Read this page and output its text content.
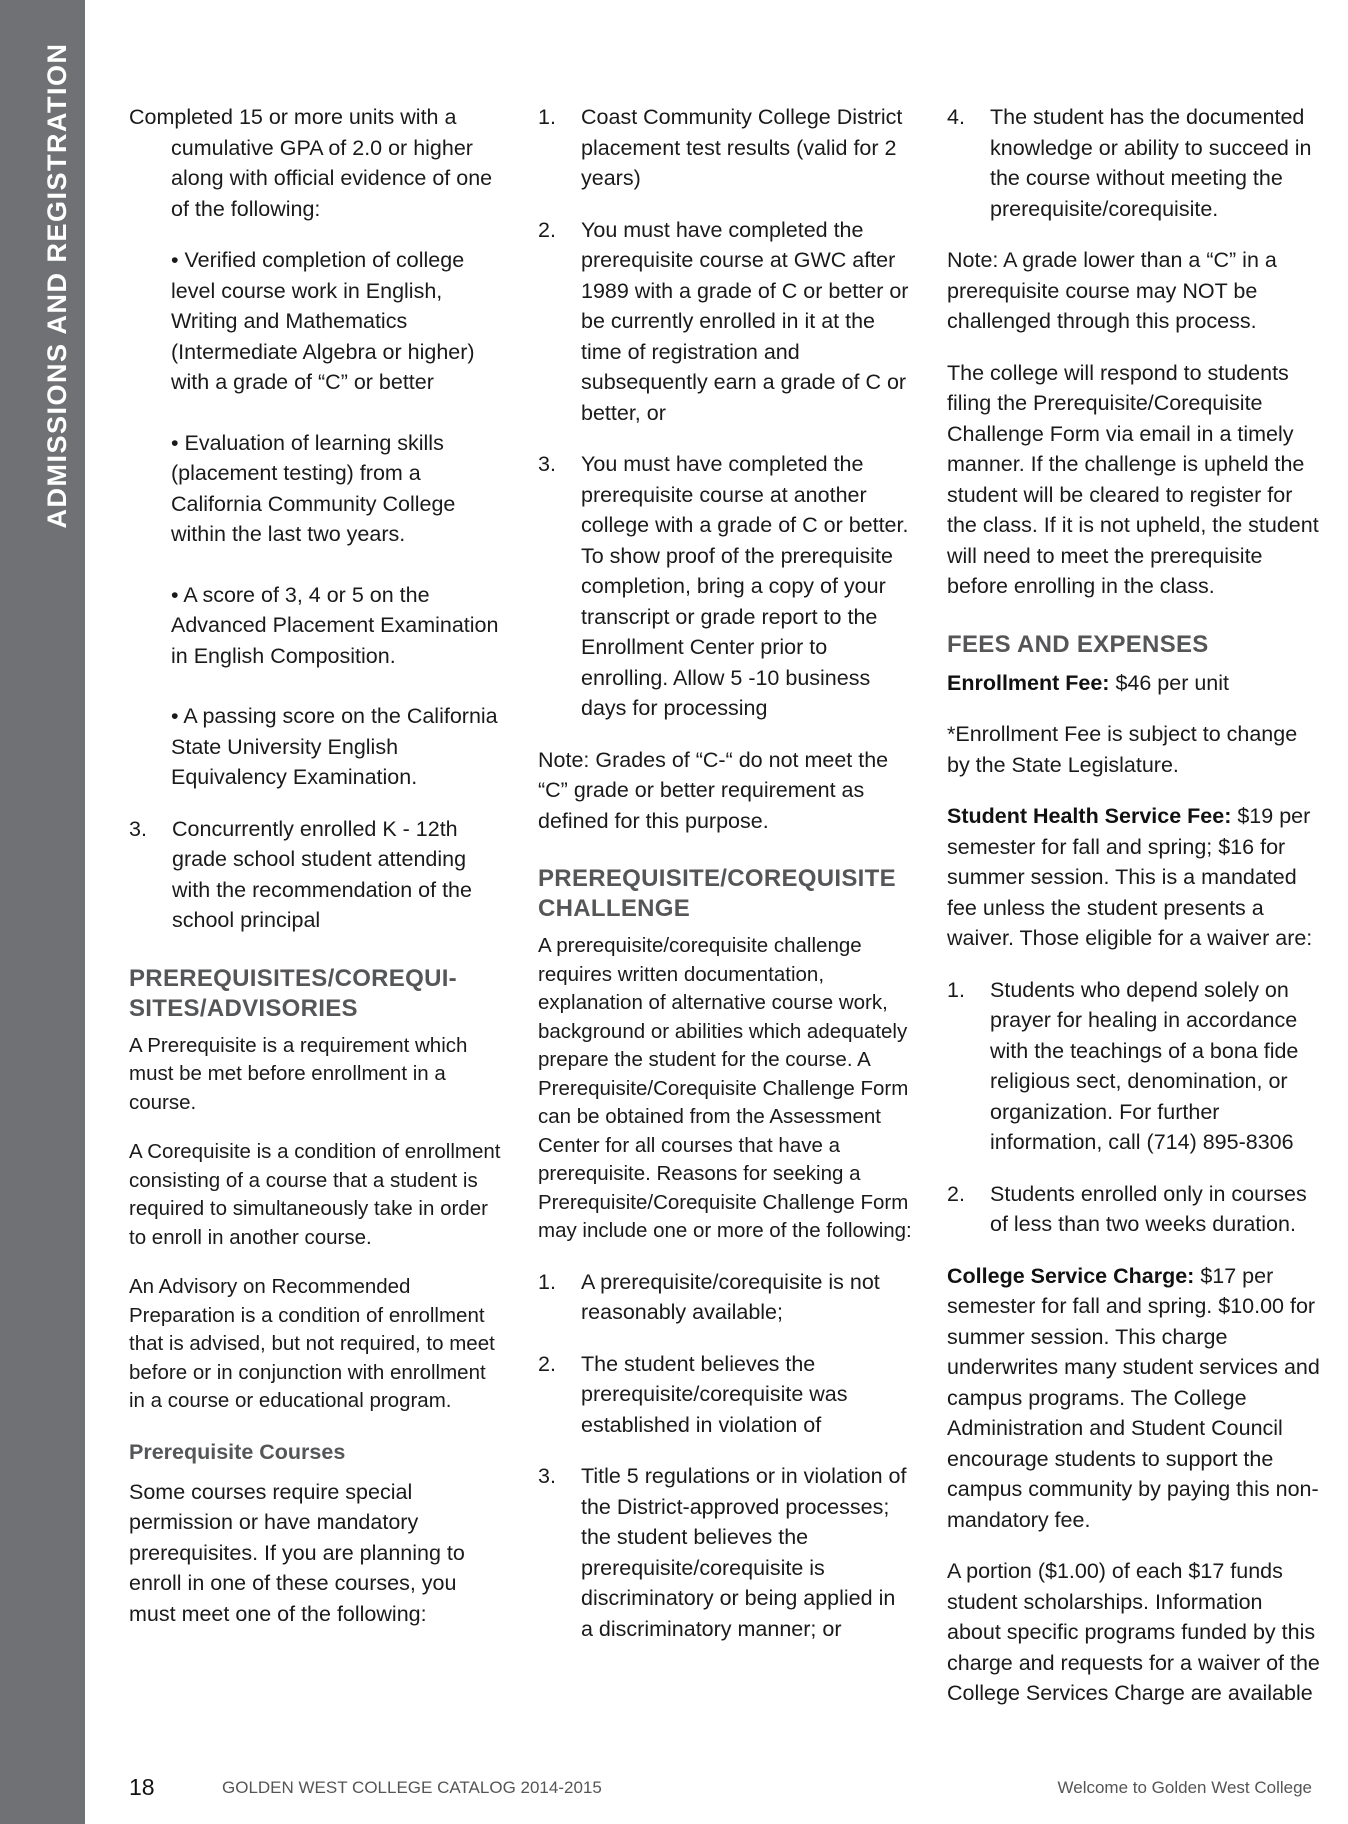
ADMISSIONS AND REGISTRATION	Completed 15 or more units with a cumulative GPA of 2.0 or higher along with official evidence of one of the following:

• Verified completion of college level course work in English, Writing and Mathematics (Intermediate Algebra or higher) with a grade of “C” or better

• Evaluation of learning skills (placement testing) from a California Community College within the last two years.

• A score of 3, 4 or 5 on the Advanced Placement Examination in English Composition.

• A passing score on the California State University English Equivalency Examination.

3. Concurrently enrolled K - 12th grade school student attending with the recommendation of the school principal
PREREQUISITES/COREQUI-SITES/ADVISORIES

A Prerequisite is a requirement which must be met before enrollment in a course.

A Corequisite is a condition of enrollment consisting of a course that a student is required to simultaneously take in order to enroll in another course.

An Advisory on Recommended Preparation is a condition of enrollment that is advised, but not required, to meet before or in conjunction with enrollment in a course or educational program.

Prerequisite Courses

Some courses require special permission or have mandatory prerequisites. If you are planning to enroll in one of these courses, you must meet one of the following:

1. Coast Community College District placement test results (valid for 2 years)
2. You must have completed the prerequisite course at GWC after 1989 with a grade of C or better or be currently enrolled in it at the time of registration and subsequently earn a grade of C or better, or
3. You must have completed the prerequisite course at another college with a grade of C or better. To show proof of the prerequisite completion, bring a copy of your transcript or grade report to the Enrollment Center prior to enrolling. Allow 5 -10 business days for processing

Note: Grades of “C-“ do not meet the “C” grade or better requirement as defined for this purpose.

PREREQUISITE/COREQUISITE CHALLENGE

A prerequisite/corequisite challenge requires written documentation, explanation of alternative course work, background or abilities which adequately prepare the student for the course. A Prerequisite/Corequisite Challenge Form can be obtained from the Assessment Center for all courses that have a prerequisite. Reasons for seeking a Prerequisite/Corequisite Challenge Form may include one or more of the following:

1. A prerequisite/corequisite is not reasonably available;
2. The student believes the prerequisite/corequisite was established in violation of
3. Title 5 regulations or in violation of the District-approved processes; the student believes the prerequisite/corequisite is discriminatory or being applied in a discriminatory manner; or
4. The student has the documented knowledge or ability to succeed in the course without meeting the prerequisite/corequisite.

Note: A grade lower than a “C” in a prerequisite course may NOT be challenged through this process.

The college will respond to students filing the Prerequisite/Corequisite Challenge Form via email in a timely manner. If the challenge is upheld the student will be cleared to register for the class. If it is not upheld, the student will need to meet the prerequisite before enrolling in the class.

FEES AND EXPENSES

Enrollment Fee: $46 per unit

*Enrollment Fee is subject to change by the State Legislature.

Student Health Service Fee: $19 per semester for fall and spring; $16 for summer session. This is a mandated fee unless the student presents a waiver. Those eligible for a waiver are:

1. Students who depend solely on prayer for healing in accordance with the teachings of a bona fide religious sect, denomination, or organization. For further information, call (714) 895-8306
2. Students enrolled only in courses of less than two weeks duration.

College Service Charge: $17 per semester for fall and spring. $10.00 for summer session. This charge underwrites many student services and campus programs. The College Administration and Student Council encourage students to support the campus community by paying this non-mandatory fee.

A portion ($1.00) of each $17 funds student scholarships. Information about specific programs funded by this charge and requests for a waiver of the College Services Charge are available

18	GOLDEN WEST COLLEGE CATALOG 2014-2015	Welcome to Golden West College
